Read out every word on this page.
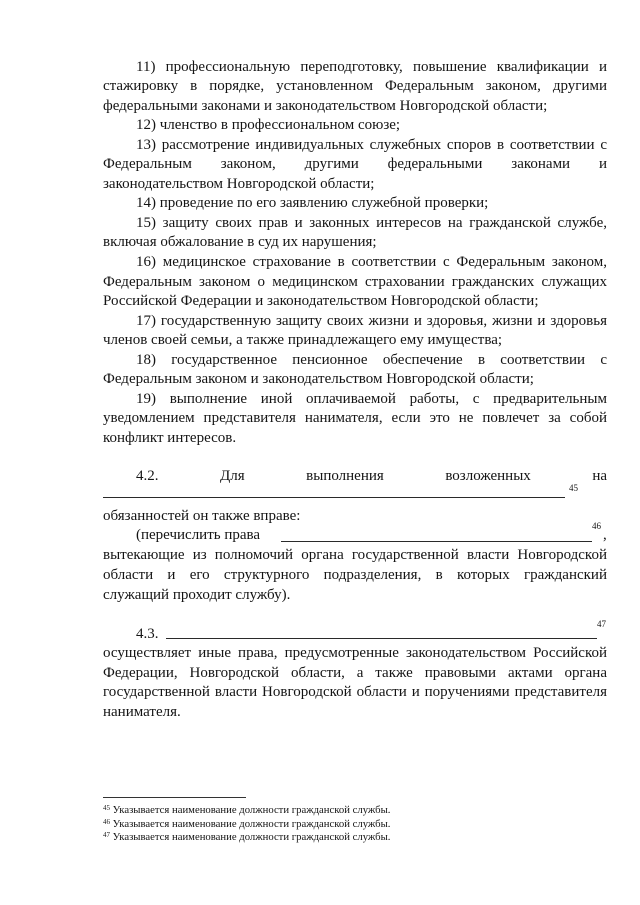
11) профессиональную переподготовку, повышение квалификации и
стажировку в порядке, установленном Федеральным законом, другими
федеральными законами и законодательством Новгородской области;
12) членство в профессиональном союзе;
13) рассмотрение индивидуальных служебных споров в соответствии с
Федеральным законом, другими федеральными законами и
законодательством Новгородской области;
14) проведение по его заявлению служебной проверки;
15) защиту своих прав и законных интересов на гражданской службе,
включая обжалование в суд их нарушения;
16) медицинское страхование в соответствии с Федеральным законом,
Федеральным законом о медицинском страховании гражданских служащих
Российской Федерации и законодательством Новгородской области;
17) государственную защиту своих жизни и здоровья, жизни и здоровья
членов своей семьи, а также принадлежащего ему имущества;
18) государственное пенсионное обеспечение в соответствии с
Федеральным законом и законодательством Новгородской области;
19) выполнение иной оплачиваемой работы, с предварительным
уведомлением представителя нанимателя, если это не повлечет за собой
конфликт интересов.
4.2. Для выполнения возложенных на
45
обязанностей он также вправе:
(перечислить права
46
,
вытекающие из полномочий органа государственной власти Новгородской
области и его структурного подразделения, в которых гражданский
служащий проходит службу).
4.3.
47
осуществляет иные права, предусмотренные законодательством Российской
Федерации, Новгородской области, а также правовыми актами органа
государственной власти Новгородской области и поручениями представителя
нанимателя.
$^{45}$ Указывается наименование должности гражданской службы.
$^{46}$ Указывается наименование должности гражданской службы.
$^{47}$ Указывается наименование должности гражданской службы.
